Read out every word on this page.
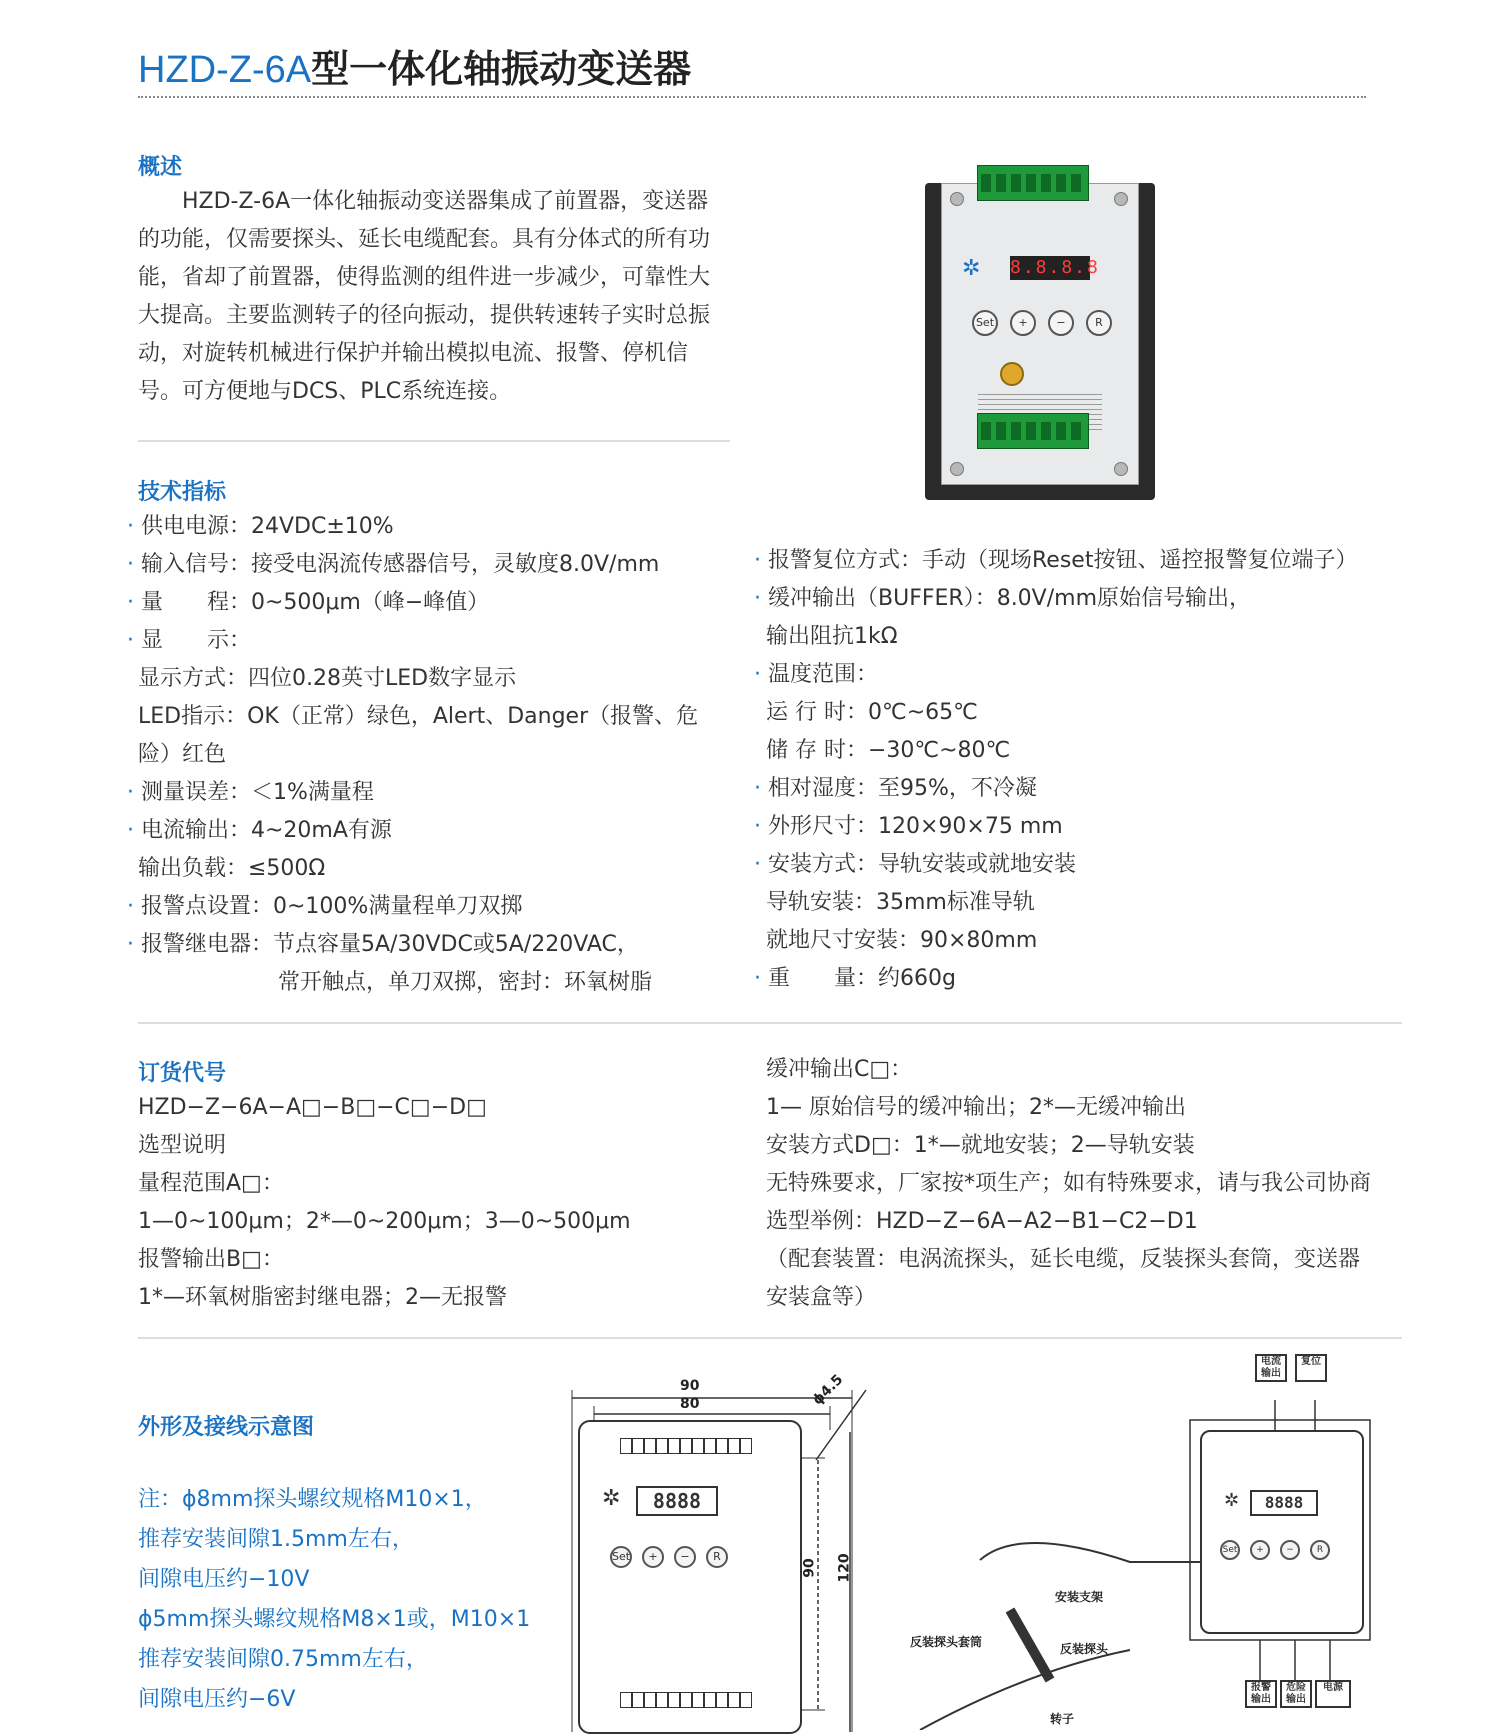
HZD-Z-6A型一体化轴振动变送器
概述
HZD-Z-6A一体化轴振动变送器集成了前置器，变送器的功能，仅需要探头、延长电缆配套。具有分体式的所有功能，省却了前置器，使得监测的组件进一步减少，可靠性大大提高。主要监测转子的径向振动，提供转速转子实时总振动，对旋转机械进行保护并输出模拟电流、报警、停机信号。可方便地与DCS、PLC系统连接。
✲	8.8.8.8
Set	+	−	R
技术指标
· 供电电源：24VDC±10%
· 输入信号：接受电涡流传感器信号，灵敏度8.0V/mm
· 量　　程：0~500μm（峰−峰值）
· 显　　示：
显示方式：四位0.28英寸LED数字显示
LED指示：OK（正常）绿色，Alert、Danger（报警、危
险）红色
· 测量误差：＜1%满量程
· 电流输出：4~20mA有源
输出负载：≤500Ω
· 报警点设置：0~100%满量程单刀双掷
· 报警继电器：节点容量5A/30VDC或5A/220VAC，
常开触点，单刀双掷，密封：环氧树脂
· 报警复位方式：手动（现场Reset按钮、遥控报警复位端子）
· 缓冲输出（BUFFER）：8.0V/mm原始信号输出，
输出阻抗1kΩ
· 温度范围：
运 行 时：0℃~65℃
储 存 时：−30℃~80℃
· 相对湿度：至95%，不冷凝
· 外形尺寸：120×90×75 mm
· 安装方式：导轨安装或就地安装
导轨安装：35mm标准导轨
就地尺寸安装：90×80mm
· 重　　量：约660g
订货代号
HZD−Z−6A−A□−B□−C□−D□
选型说明
量程范围A□：
1—0~100μm；2*—0~200μm；3—0~500μm
报警输出B□：
1*—环氧树脂密封继电器；2—无报警
缓冲输出C□：
1— 原始信号的缓冲输出；2*—无缓冲输出
安装方式D□：1*—就地安装；2—导轨安装
无特殊要求，厂家按*项生产；如有特殊要求，请与我公司协商
选型举例：HZD−Z−6A−A2−B1−C2−D1
（配套装置：电涡流探头，延长电缆，反装探头套筒，变送器
安装盒等）
外形及接线示意图
注：ϕ8mm探头螺纹规格M10×1，
推荐安装间隙1.5mm左右，
间隙电压约−10V
ϕ5mm探头螺纹规格M8×1或，M10×1
推荐安装间隙0.75mm左右，
间隙电压约−6V
90
80	ϕ4.5
90 120
✲	8888
Set	+	−	R
✲	8888
Set	+	−	R
电流输出
复位
报警输出
危险输出
电源
安装支架
反装探头套筒	反装探头
转子
